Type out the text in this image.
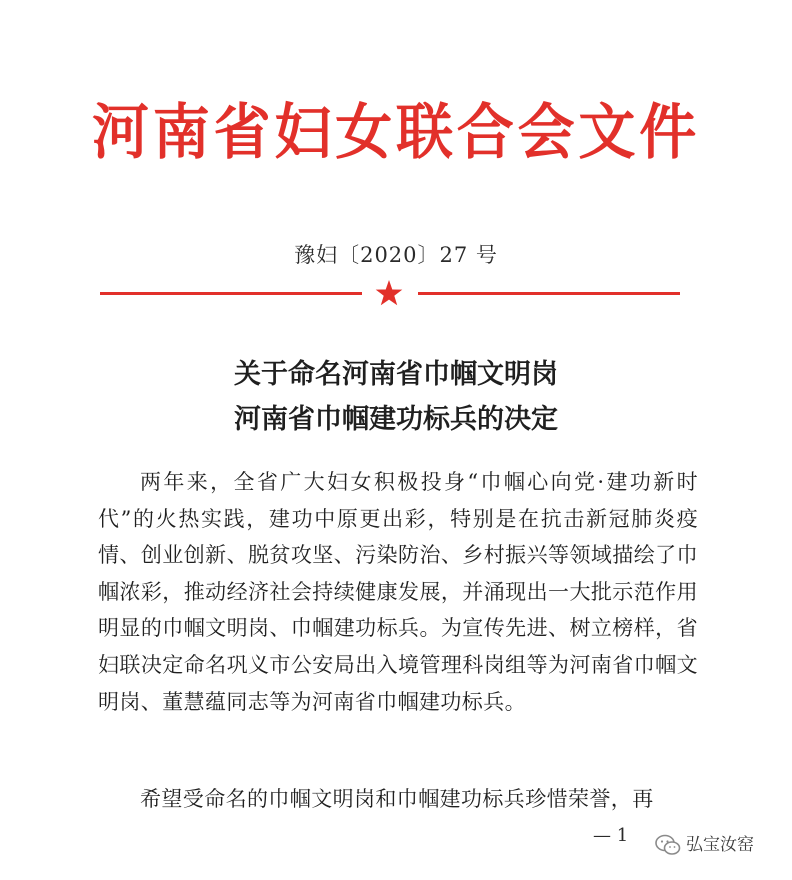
河南省妇女联合会文件
豫妇〔2020〕27 号
关于命名河南省巾帼文明岗
河南省巾帼建功标兵的决定
两年来，全省广大妇女积极投身“巾帼心向党·建功新时代”的火热实践，建功中原更出彩，特别是在抗击新冠肺炎疫情、创业创新、脱贫攻坚、污染防治、乡村振兴等领域描绘了巾帼浓彩，推动经济社会持续健康发展，并涌现出一大批示范作用明显的巾帼文明岗、巾帼建功标兵。为宣传先进、树立榜样，省妇联决定命名巩义市公安局出入境管理科岗组等为河南省巾帼文明岗、董慧蕴同志等为河南省巾帼建功标兵。
希望受命名的巾帼文明岗和巾帼建功标兵珍惜荣誉，再
— 1	弘宝汝窑
